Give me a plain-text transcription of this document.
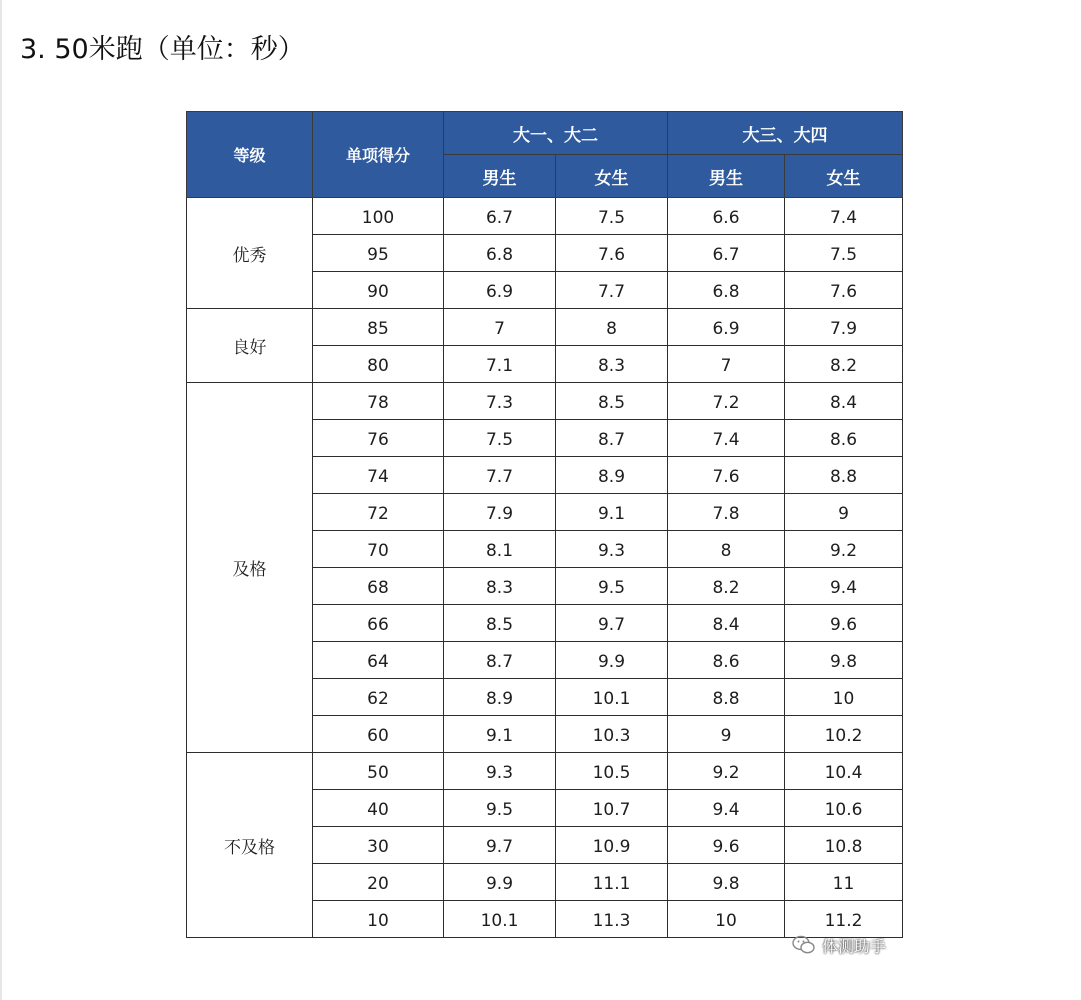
3. 50米跑（单位：秒）
等级	单项得分	大一、大二		大三、大四	
		男生	女生	男生	女生
优秀	100	6.7	7.5	6.6	7.4
	95	6.8	7.6	6.7	7.5
	90	6.9	7.7	6.8	7.6
良好	85	7	8	6.9	7.9
	80	7.1	8.3	7	8.2
及格	78	7.3	8.5	7.2	8.4
	76	7.5	8.7	7.4	8.6
	74	7.7	8.9	7.6	8.8
	72	7.9	9.1	7.8	9
	70	8.1	9.3	8	9.2
	68	8.3	9.5	8.2	9.4
	66	8.5	9.7	8.4	9.6
	64	8.7	9.9	8.6	9.8
	62	8.9	10.1	8.8	10
	60	9.1	10.3	9	10.2
不及格	50	9.3	10.5	9.2	10.4
	40	9.5	10.7	9.4	10.6
	30	9.7	10.9	9.6	10.8
	20	9.9	11.1	9.8	11
	10	10.1	11.3	10	11.2
体测助手
